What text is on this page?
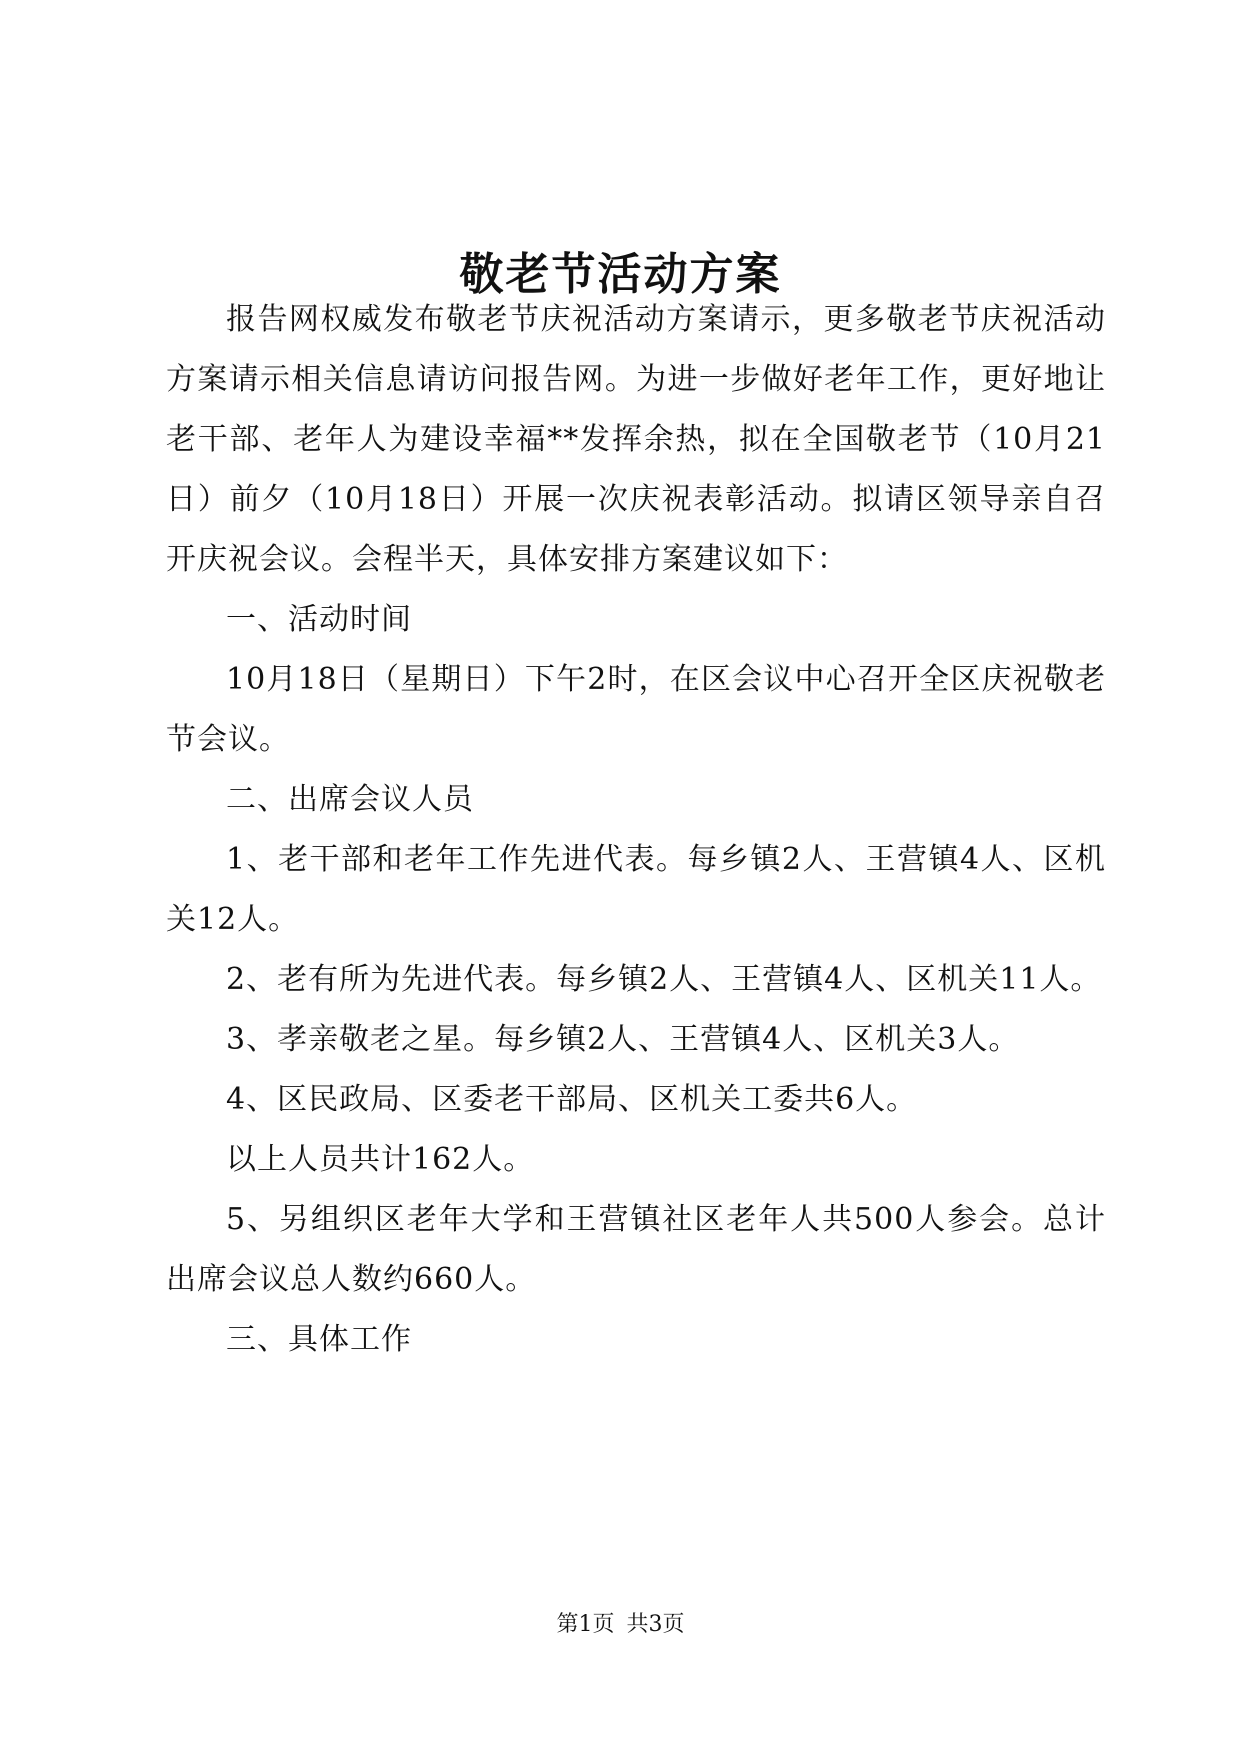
敬老节活动方案

报告网权威发布敬老节庆祝活动方案请示，更多敬老节庆祝活动方案请示相关信息请访问报告网。为进一步做好老年工作，更好地让老干部、老年人为建设幸福**发挥余热，拟在全国敬老节（10月21日）前夕（10月18日）开展一次庆祝表彰活动。拟请区领导亲自召开庆祝会议。会程半天，具体安排方案建议如下：

一、活动时间

10月18日（星期日）下午2时，在区会议中心召开全区庆祝敬老节会议。

二、出席会议人员

1、老干部和老年工作先进代表。每乡镇2人、王营镇4人、区机关12人。

2、老有所为先进代表。每乡镇2人、王营镇4人、区机关11人。

3、孝亲敬老之星。每乡镇2人、王营镇4人、区机关3人。

4、区民政局、区委老干部局、区机关工委共6人。

以上人员共计162人。

5、另组织区老年大学和王营镇社区老年人共500人参会。总计出席会议总人数约660人。

三、具体工作

第1页 共3页
